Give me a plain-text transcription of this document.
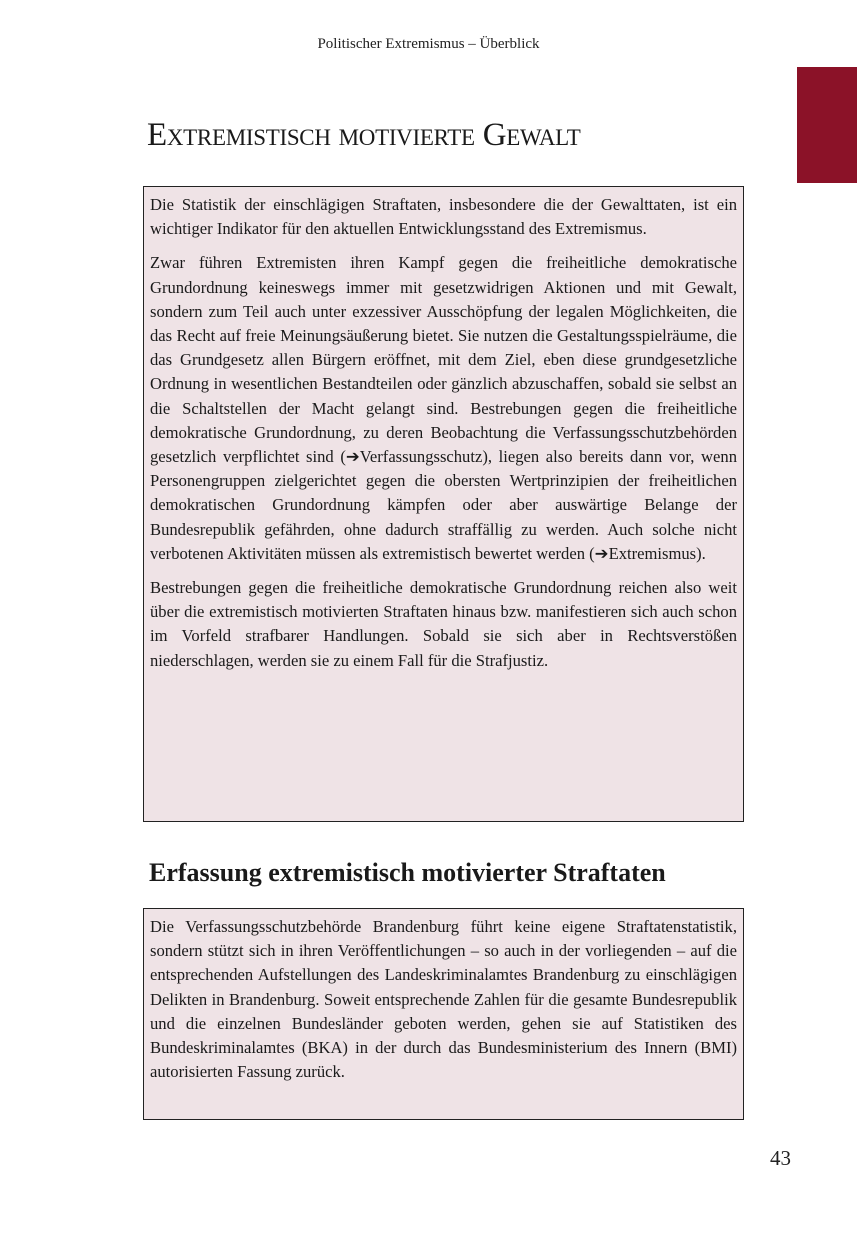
Politischer Extremismus – Überblick
Extremistisch motivierte Gewalt

Die Statistik der einschlägigen Straftaten, insbesondere die der Gewalttaten, ist ein wichtiger Indikator für den aktuellen Entwicklungsstand des Extremismus.

Zwar führen Extremisten ihren Kampf gegen die freiheitliche demokratische Grundordnung keineswegs immer mit gesetzwidrigen Aktionen und mit Gewalt, sondern zum Teil auch unter exzessiver Ausschöpfung der legalen Möglichkeiten, die das Recht auf freie Meinungsäußerung bietet. Sie nutzen die Gestaltungsspielräume, die das Grundgesetz allen Bürgern eröffnet, mit dem Ziel, eben diese grundgesetzliche Ordnung in wesentlichen Bestandteilen oder gänzlich abzuschaffen, sobald sie selbst an die Schaltstellen der Macht gelangt sind. Bestrebungen gegen die freiheitliche demokratische Grundordnung, zu deren Beobachtung die Verfassungsschutzbehörden gesetzlich verpflichtet sind (➔Verfassungsschutz), liegen also bereits dann vor, wenn Personengruppen zielgerichtet gegen die obersten Wertprinzipien der freiheitlichen demokratischen Grundordnung kämpfen oder aber auswärtige Belange der Bundesrepublik gefährden, ohne dadurch straffällig zu werden. Auch solche nicht verbotenen Aktivitäten müssen als extremistisch bewertet werden (➔Extremismus).

Bestrebungen gegen die freiheitliche demokratische Grundordnung reichen also weit über die extremistisch motivierten Straftaten hinaus bzw. manifestieren sich auch schon im Vorfeld strafbarer Handlungen. Sobald sie sich aber in Rechtsverstößen niederschlagen, werden sie zu einem Fall für die Strafjustiz.

Erfassung extremistisch motivierter Straftaten

Die Verfassungsschutzbehörde Brandenburg führt keine eigene Straftatenstatistik, sondern stützt sich in ihren Veröffentlichungen – so auch in der vorliegenden – auf die entsprechenden Aufstellungen des Landeskriminalamtes Brandenburg zu einschlägigen Delikten in Brandenburg. Soweit entsprechende Zahlen für die gesamte Bundesrepublik und die einzelnen Bundesländer geboten werden, gehen sie auf Statistiken des Bundeskriminalamtes (BKA) in der durch das Bundesministerium des Innern (BMI) autorisierten Fassung zurück.

43
